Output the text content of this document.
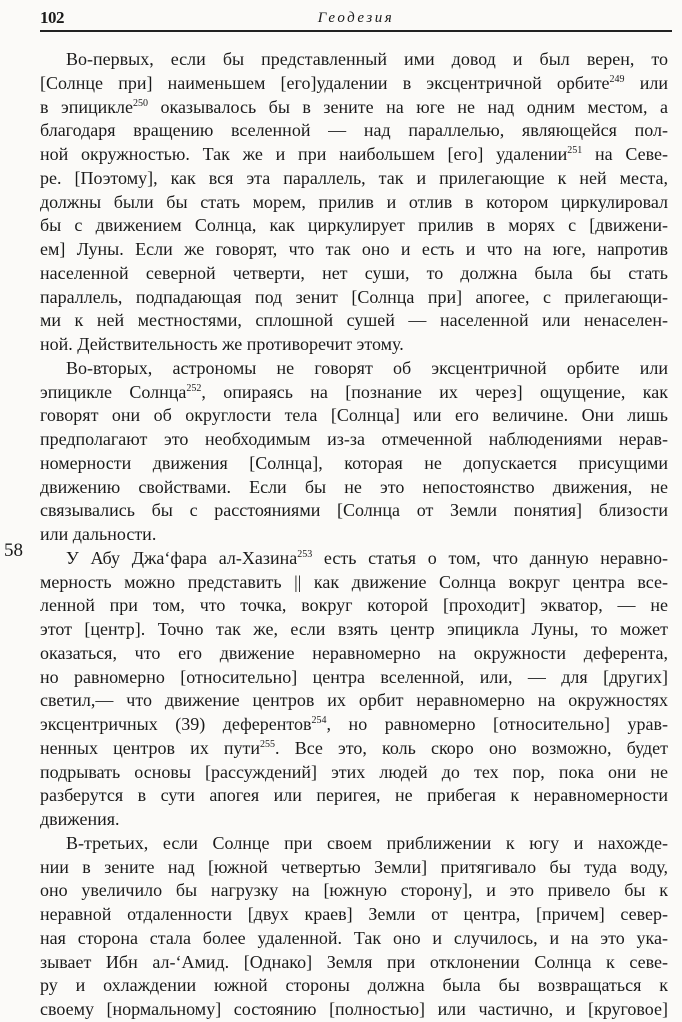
102	Геодезия
58
Во-первых, если бы представленный ими довод и был верен, то
[Солнце при] наименьшем [его]удалении в эксцентричной орбите$^{249}$ или
в эпицикле$^{250}$ оказывалось бы в зените на юге не над одним местом, а
благодаря вращению вселенной — над параллелью, являющейся пол-
ной окружностью. Так же и при наибольшем [его] удалении$^{251}$ на Севе-
ре. [Поэтому], как вся эта параллель, так и прилегающие к ней места,
должны были бы стать морем, прилив и отлив в котором циркулировал
бы с движением Солнца, как циркулирует прилив в морях с [движени-
ем] Луны. Если же говорят, что так оно и есть и что на юге, напротив
населенной северной четверти, нет суши, то должна была бы стать
параллель, подпадающая под зенит [Солнца при] апогее, с прилегающи-
ми к ней местностями, сплошной сушей — населенной или ненаселен-
ной. Действительность же противоречит этому.
Во-вторых, астрономы не говорят об эксцентричной орбите или
эпицикле Солнца$^{252}$, опираясь на [познание их через] ощущение, как
говорят они об округлости тела [Солнца] или его величине. Они лишь
предполагают это необходимым из-за отмеченной наблюдениями нерав-
номерности движения [Солнца], которая не допускается присущими
движению свойствами. Если бы не это непостоянство движения, не
связывались бы с расстояниями [Солнца от Земли понятия] близости
или дальности.
У Абу Джа‘фара ал-Хазина$^{253}$ есть статья о том, что данную неравно-
мерность можно представить || как движение Солнца вокруг центра все-
ленной при том, что точка, вокруг которой [проходит] экватор, — не
этот [центр]. Точно так же, если взять центр эпицикла Луны, то может
оказаться, что его движение неравномерно на окружности деферента,
но равномерно [относительно] центра вселенной, или, — для [других]
светил,— что движение центров их орбит неравномерно на окружностях
эксцентричных (39) деферентов$^{254}$, но равномерно [относительно] урав-
ненных центров их пути$^{255}$. Все это, коль скоро оно возможно, будет
подрывать основы [рассуждений] этих людей до тех пор, пока они не
разберутся в сути апогея или перигея, не прибегая к неравномерности
движения.
В-третьих, если Солнце при своем приближении к югу и нахожде-
нии в зените над [южной четвертью Земли] притягивало бы туда воду,
оно увеличило бы нагрузку на [южную сторону], и это привело бы к
неравной отдаленности [двух краев] Земли от центра, [причем] север-
ная сторона стала более удаленной. Так оно и случилось, и на это ука-
зывает Ибн ал-‘Амид. [Однако] Земля при отклонении Солнца к севе-
ру и охлаждении южной стороны должна была бы возвращаться к
своему [нормальному] состоянию [полностью] или частично, и [круговое]
